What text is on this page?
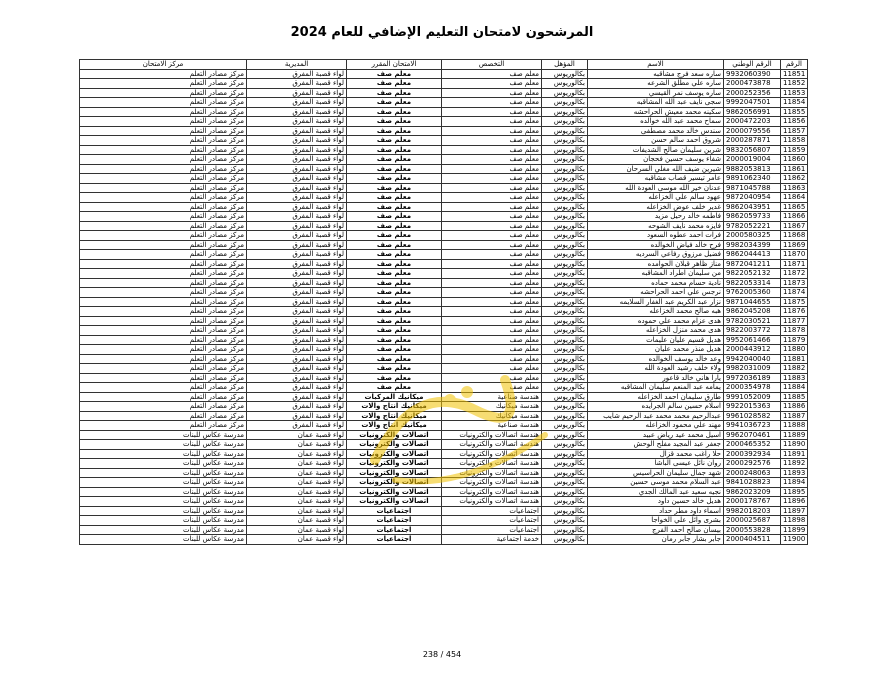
المرشحون لامتحان التعليم الإضافي للعام 2024
الرقم	الرقم الوطني	الاسم	المؤهل	التخصص	الامتحان المقرر	المديرية	مركز الامتحان
11851	9932060390	ساره سعد فرج مشاقبه	بكالوريوس	معلم صف	معلم صف	لواء قصبة المفرق	مركز مصادر التعلم
11852	2000473878	ساره علي مطلق الشرعه	بكالوريوس	معلم صف	معلم صف	لواء قصبة المفرق	مركز مصادر التعلم
11853	2000252356	ساره يوسف نمر القيسي	بكالوريوس	معلم صف	معلم صف	لواء قصبة المفرق	مركز مصادر التعلم
11854	9992047501	سجى نايف عبد الله المشاقبه	بكالوريوس	معلم صف	معلم صف	لواء قصبة المفرق	مركز مصادر التعلم
11855	9862056991	سكينه محمد معيش الحراحشه	بكالوريوس	معلم صف	معلم صف	لواء قصبة المفرق	مركز مصادر التعلم
11856	2000472203	سماح محمد عبد الله خوالده	بكالوريوس	معلم صف	معلم صف	لواء قصبة المفرق	مركز مصادر التعلم
11857	2000079556	سندس خالد محمد مصطفى	بكالوريوس	معلم صف	معلم صف	لواء قصبة المفرق	مركز مصادر التعلم
11858	2000287871	شروق احمد سالم حسن	بكالوريوس	معلم صف	معلم صف	لواء قصبة المفرق	مركز مصادر التعلم
11859	9832056807	شرين سليمان صالح الشديفات	بكالوريوس	معلم صف	معلم صف	لواء قصبة المفرق	مركز مصادر التعلم
11860	2000019004	شفاء يوسف حسين فحجان	بكالوريوس	معلم صف	معلم صف	لواء قصبة المفرق	مركز مصادر التعلم
11861	9882053813	شيرين ضيف الله مغلي السرحان	بكالوريوس	معلم صف	معلم صف	لواء قصبة المفرق	مركز مصادر التعلم
11862	9891062340	عامر تيسير قصاب مشاقبه	بكالوريوس	معلم صف	معلم صف	لواء قصبة المفرق	مركز مصادر التعلم
11863	9871045788	عدنان خير الله موسى العودة الله	بكالوريوس	معلم صف	معلم صف	لواء قصبة المفرق	مركز مصادر التعلم
11864	9872040954	عهود سالم علي الخزاعله	بكالوريوس	معلم صف	معلم صف	لواء قصبة المفرق	مركز مصادر التعلم
11865	9862043951	غدير خلف عوض الخزاعله	بكالوريوس	معلم صف	معلم صف	لواء قصبة المفرق	مركز مصادر التعلم
11866	9862059733	فاطمه خالد رحيل مزيد	بكالوريوس	معلم صف	معلم صف	لواء قصبة المفرق	مركز مصادر التعلم
11867	9782052221	فايزه محمد نايف الشوحه	بكالوريوس	معلم صف	معلم صف	لواء قصبة المفرق	مركز مصادر التعلم
11868	2000580325	فرات احمد عطوه السعود	بكالوريوس	معلم صف	معلم صف	لواء قصبة المفرق	مركز مصادر التعلم
11869	9982034399	فرح خالد فياض الخوالده	بكالوريوس	معلم صف	معلم صف	لواء قصبة المفرق	مركز مصادر التعلم
11870	9862044413	فضيل مرزوق رفاعي السرديه	بكالوريوس	معلم صف	معلم صف	لواء قصبة المفرق	مركز مصادر التعلم
11871	9872041211	مناز ظاهر قبلان الحوامده	بكالوريوس	معلم صف	معلم صف	لواء قصبة المفرق	مركز مصادر التعلم
11872	9822052132	من سليمان اطراد المشاقبه	بكالوريوس	معلم صف	معلم صف	لواء قصبة المفرق	مركز مصادر التعلم
11873	9822053314	نادية حسام محمد حماده	بكالوريوس	معلم صف	معلم صف	لواء قصبة المفرق	مركز مصادر التعلم
11874	9762005360	نرجس علي احمد الحراحشه	بكالوريوس	معلم صف	معلم صف	لواء قصبة المفرق	مركز مصادر التعلم
11875	9871044655	نزار عبد الكريم عبد الغفار السلايمه	بكالوريوس	معلم صف	معلم صف	لواء قصبة المفرق	مركز مصادر التعلم
11876	9862045208	هبه صالح محمد الخزاعله	بكالوريوس	معلم صف	معلم صف	لواء قصبة المفرق	مركز مصادر التعلم
11877	9782030521	هدى عزام محمد علي حموده	بكالوريوس	معلم صف	معلم صف	لواء قصبة المفرق	مركز مصادر التعلم
11878	9822003772	هدى محمد منزل الخزاعله	بكالوريوس	معلم صف	معلم صف	لواء قصبة المفرق	مركز مصادر التعلم
11879	9952061466	هديل قسيم عليان عليمات	بكالوريوس	معلم صف	معلم صف	لواء قصبة المفرق	مركز مصادر التعلم
11880	2000443912	هديل منذر محمد عليان	بكالوريوس	معلم صف	معلم صف	لواء قصبة المفرق	مركز مصادر التعلم
11881	9942040040	وعد خالد يوسف الخوالده	بكالوريوس	معلم صف	معلم صف	لواء قصبة المفرق	مركز مصادر التعلم
11882	9982031009	ولاء خلف رشيد العودة الله	بكالوريوس	معلم صف	معلم صف	لواء قصبة المفرق	مركز مصادر التعلم
11883	9972036189	يارا هاني خالد قاعور	بكالوريوس	معلم صف	معلم صف	لواء قصبة المفرق	مركز مصادر التعلم
11884	2000354978	يمامه عبد المنعم سليمان المشاقبه	بكالوريوس	معلم صف	معلم صف	لواء قصبة المفرق	مركز مصادر التعلم
11885	9991052009	طارق سليمان احمد الخزاعله	بكالوريوس	هندسة صناعية	ميكانيك المركبات	لواء قصبة المفرق	مركز مصادر التعلم
11886	9922015363	اسلام حسين سالم الجرايده	بكالوريوس	هندسة ميكانيك	ميكانيك انتاج وآلات	لواء قصبة المفرق	مركز مصادر التعلم
11887	9961028582	عبدالرحيم محمد محمد عبد الرحيم شايب	بكالوريوس	هندسة ميكانيك	ميكانيك انتاج وآلات	لواء قصبة المفرق	مركز مصادر التعلم
11888	9941036723	مهند علي محمود الخزاعله	بكالوريوس	هندسة صناعية	ميكانيك انتاج وآلات	لواء قصبة المفرق	مركز مصادر التعلم
11889	9962070461	اسيل محمد عيد رياض عبيد	بكالوريوس	هندسة اتصالات والكترونيات	اتصالات والكترونيات	لواء قصبة عمان	مدرسة عكاس للبنات
11890	2000465352	جعفر عبد المجيد مفلح الوحش	بكالوريوس	هندسة اتصالات والكترونيات	اتصالات والكترونيات	لواء قصبة عمان	مدرسة عكاس للبنات
11891	2000392934	حلا راغب محمد قزال	بكالوريوس	هندسة اتصالات والكترونيات	اتصالات والكترونيات	لواء قصبة عمان	مدرسة عكاس للبنات
11892	2000292576	روان نائل عيسى الباشا	بكالوريوس	هندسة اتصالات والكترونيات	اتصالات والكترونيات	لواء قصبة عمان	مدرسة عكاس للبنات
11893	2000248063	شهد جمال سليمان الحراسيس	بكالوريوس	هندسة اتصالات والكترونيات	اتصالات والكترونيات	لواء قصبة عمان	مدرسة عكاس للبنات
11894	9841028823	عبد السلام محمد موسى حسين	بكالوريوس	هندسة اتصالات والكترونيات	اتصالات والكترونيات	لواء قصبة عمان	مدرسة عكاس للبنات
11895	9862023209	نجيه سعيد عبد المالك الجدي	بكالوريوس	هندسة اتصالات والكترونيات	اتصالات والكترونيات	لواء قصبة عمان	مدرسة عكاس للبنات
11896	2000178767	هديل خالد حسين داود	بكالوريوس	هندسة اتصالات والكترونيات	اتصالات والكترونيات	لواء قصبة عمان	مدرسة عكاس للبنات
11897	9982018203	اسماء داود مطر حداد	بكالوريوس	اجتماعيات	اجتماعيات	لواء قصبة عمان	مدرسة عكاس للبنات
11898	2000025687	بشرى وائل علي الخواجا	بكالوريوس	اجتماعيات	اجتماعيات	لواء قصبة عمان	مدرسة عكاس للبنات
11899	2000553828	بيسان صالح احمد الفرج	بكالوريوس	اجتماعيات	اجتماعيات	لواء قصبة عمان	مدرسة عكاس للبنات
11900	2000404511	جابر بشار جابر رمان	بكالوريوس	خدمة اجتماعية	اجتماعيات	لواء قصبة عمان	مدرسة عكاس للبنات
238 / 454
